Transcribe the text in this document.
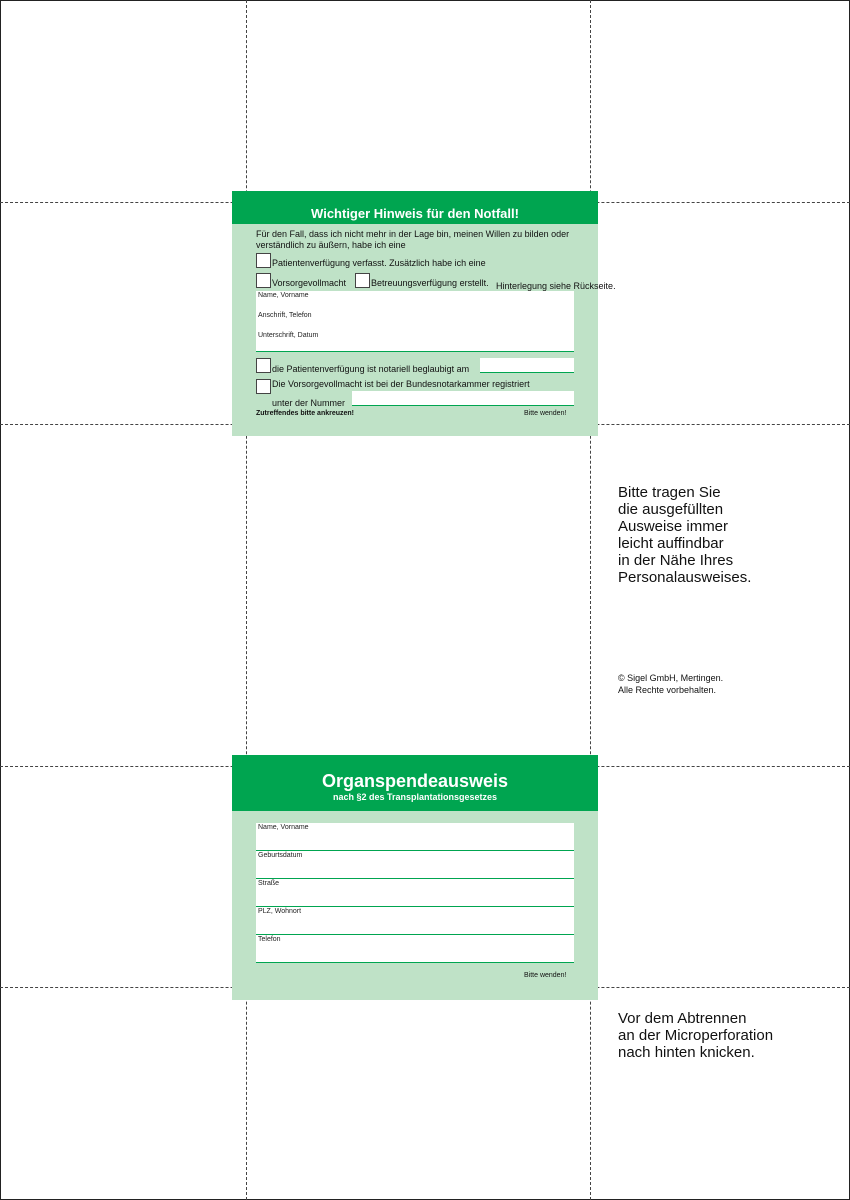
Wichtiger Hinweis für den Notfall!
Für den Fall, dass ich nicht mehr in der Lage bin, meinen Willen zu bilden oder verständlich zu äußern, habe ich eine
Patientenverfügung verfasst. Zusätzlich habe ich eine
Vorsorgevollmacht	Betreuungsverfügung erstellt. Hinterlegung siehe Rückseite.
Name, Vorname
Anschrift, Telefon
Unterschrift, Datum
die Patientenverfügung ist notariell beglaubigt am
Die Vorsorgevollmacht ist bei der Bundesnotarkammer registriert
unter der Nummer
Zutreffendes bitte ankreuzen!	Bitte wenden!
Organspendeausweis
nach §2 des Transplantationsgesetzes
Name, Vorname
Geburtsdatum
Straße
PLZ, Wohnort
Telefon
Bitte wenden!
Bitte tragen Sie
die ausgefüllten
Ausweise immer
leicht auffindbar
in der Nähe Ihres
Personalausweises.
© Sigel GmbH, Mertingen.
Alle Rechte vorbehalten.
Vor dem Abtrennen
an der Microperforation
nach hinten knicken.
